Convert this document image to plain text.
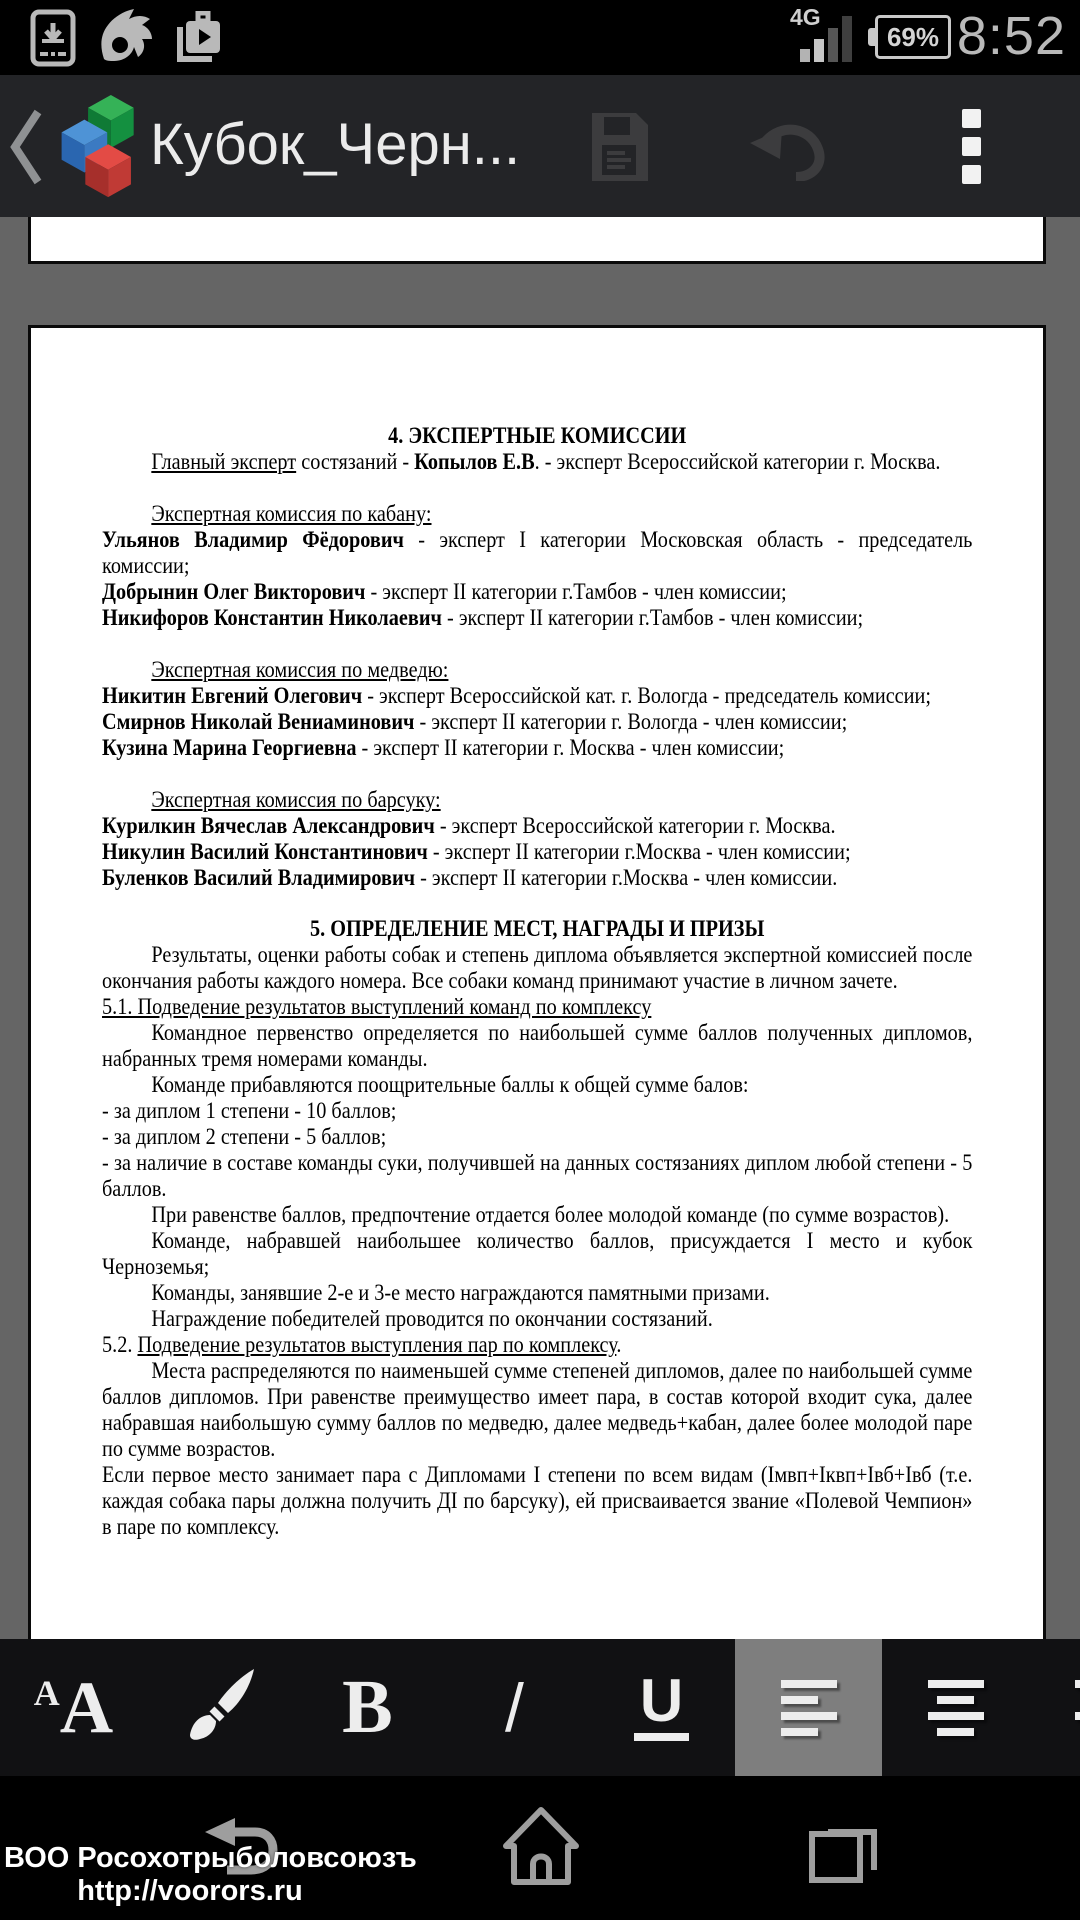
4G
69% 8:52
Кубок_Черн...
4. ЭКСПЕРТНЫЕ КОМИССИИ
Главный эксперт состязаний - Копылов Е.В. - эксперт Всероссийской категории г. Москва.

Экспертная комиссия по кабану:
Ульянов Владимир Фёдорович - эксперт I категории Московская область - председатель комиссии;
Добрынин Олег Викторович - эксперт II категории г.Тамбов - член комиссии;
Никифоров Константин Николаевич - эксперт II категории г.Тамбов - член комиссии;

Экспертная комиссия по медведю:
Никитин Евгений Олегович - эксперт Всероссийской кат. г. Вологда - председатель комиссии;
Смирнов Николай Вениаминович - эксперт II категории г. Вологда - член комиссии;
Кузина Марина Георгиевна - эксперт II категории г. Москва - член комиссии;

Экспертная комиссия по барсуку:
Курилкин Вячеслав Александрович - эксперт Всероссийской категории г. Москва.
Никулин Василий Константинович - эксперт II категории г.Москва - член комиссии;
Буленков Василий Владимирович - эксперт II категории г.Москва - член комиссии.
5. ОПРЕДЕЛЕНИЕ МЕСТ, НАГРАДЫ И ПРИЗЫ
Результаты, оценки работы собак и степень диплома объявляется экспертной комиссией после окончания работы каждого номера. Все собаки команд принимают участие в личном зачете.
5.1. Подведение результатов выступлений команд по комплексу
Командное первенство определяется по наибольшей сумме баллов полученных дипломов, набранных тремя номерами команды.
Команде прибавляются поощрительные баллы к общей сумме балов:
- за диплом 1 степени - 10 баллов;
- за диплом 2 степени - 5 баллов;
- за наличие в составе команды суки, получившей на данных состязаниях диплом любой степени - 5 баллов.
При равенстве баллов, предпочтение отдается более молодой команде (по сумме возрастов).
Команде, набравшей наибольшее количество баллов, присуждается I место и кубок Черноземья;
Команды, занявшие 2-е и 3-е место награждаются памятными призами.
Награждение победителей проводится по окончании состязаний.
5.2. Подведение результатов выступления пар по комплексу.
Места распределяются по наименьшей сумме степеней дипломов, далее по наибольшей сумме баллов дипломов. При равенстве преимущество имеет пара, в состав которой входит сука, далее набравшая наибольшую сумму баллов по медведю, далее медведь+кабан, далее более молодой паре по сумме возрастов.
Если первое место занимает пара с Дипломами I степени по всем видам (Iмвп+Iквп+Iвб+Iвб (т.е. каждая собака пары должна получить ДI по барсуку), ей присваивается звание «Полевой Чемпион» в паре по комплексу.
A A	B / U
ВОО Росохотрыболовсоюзъ
http://voorors.ru
